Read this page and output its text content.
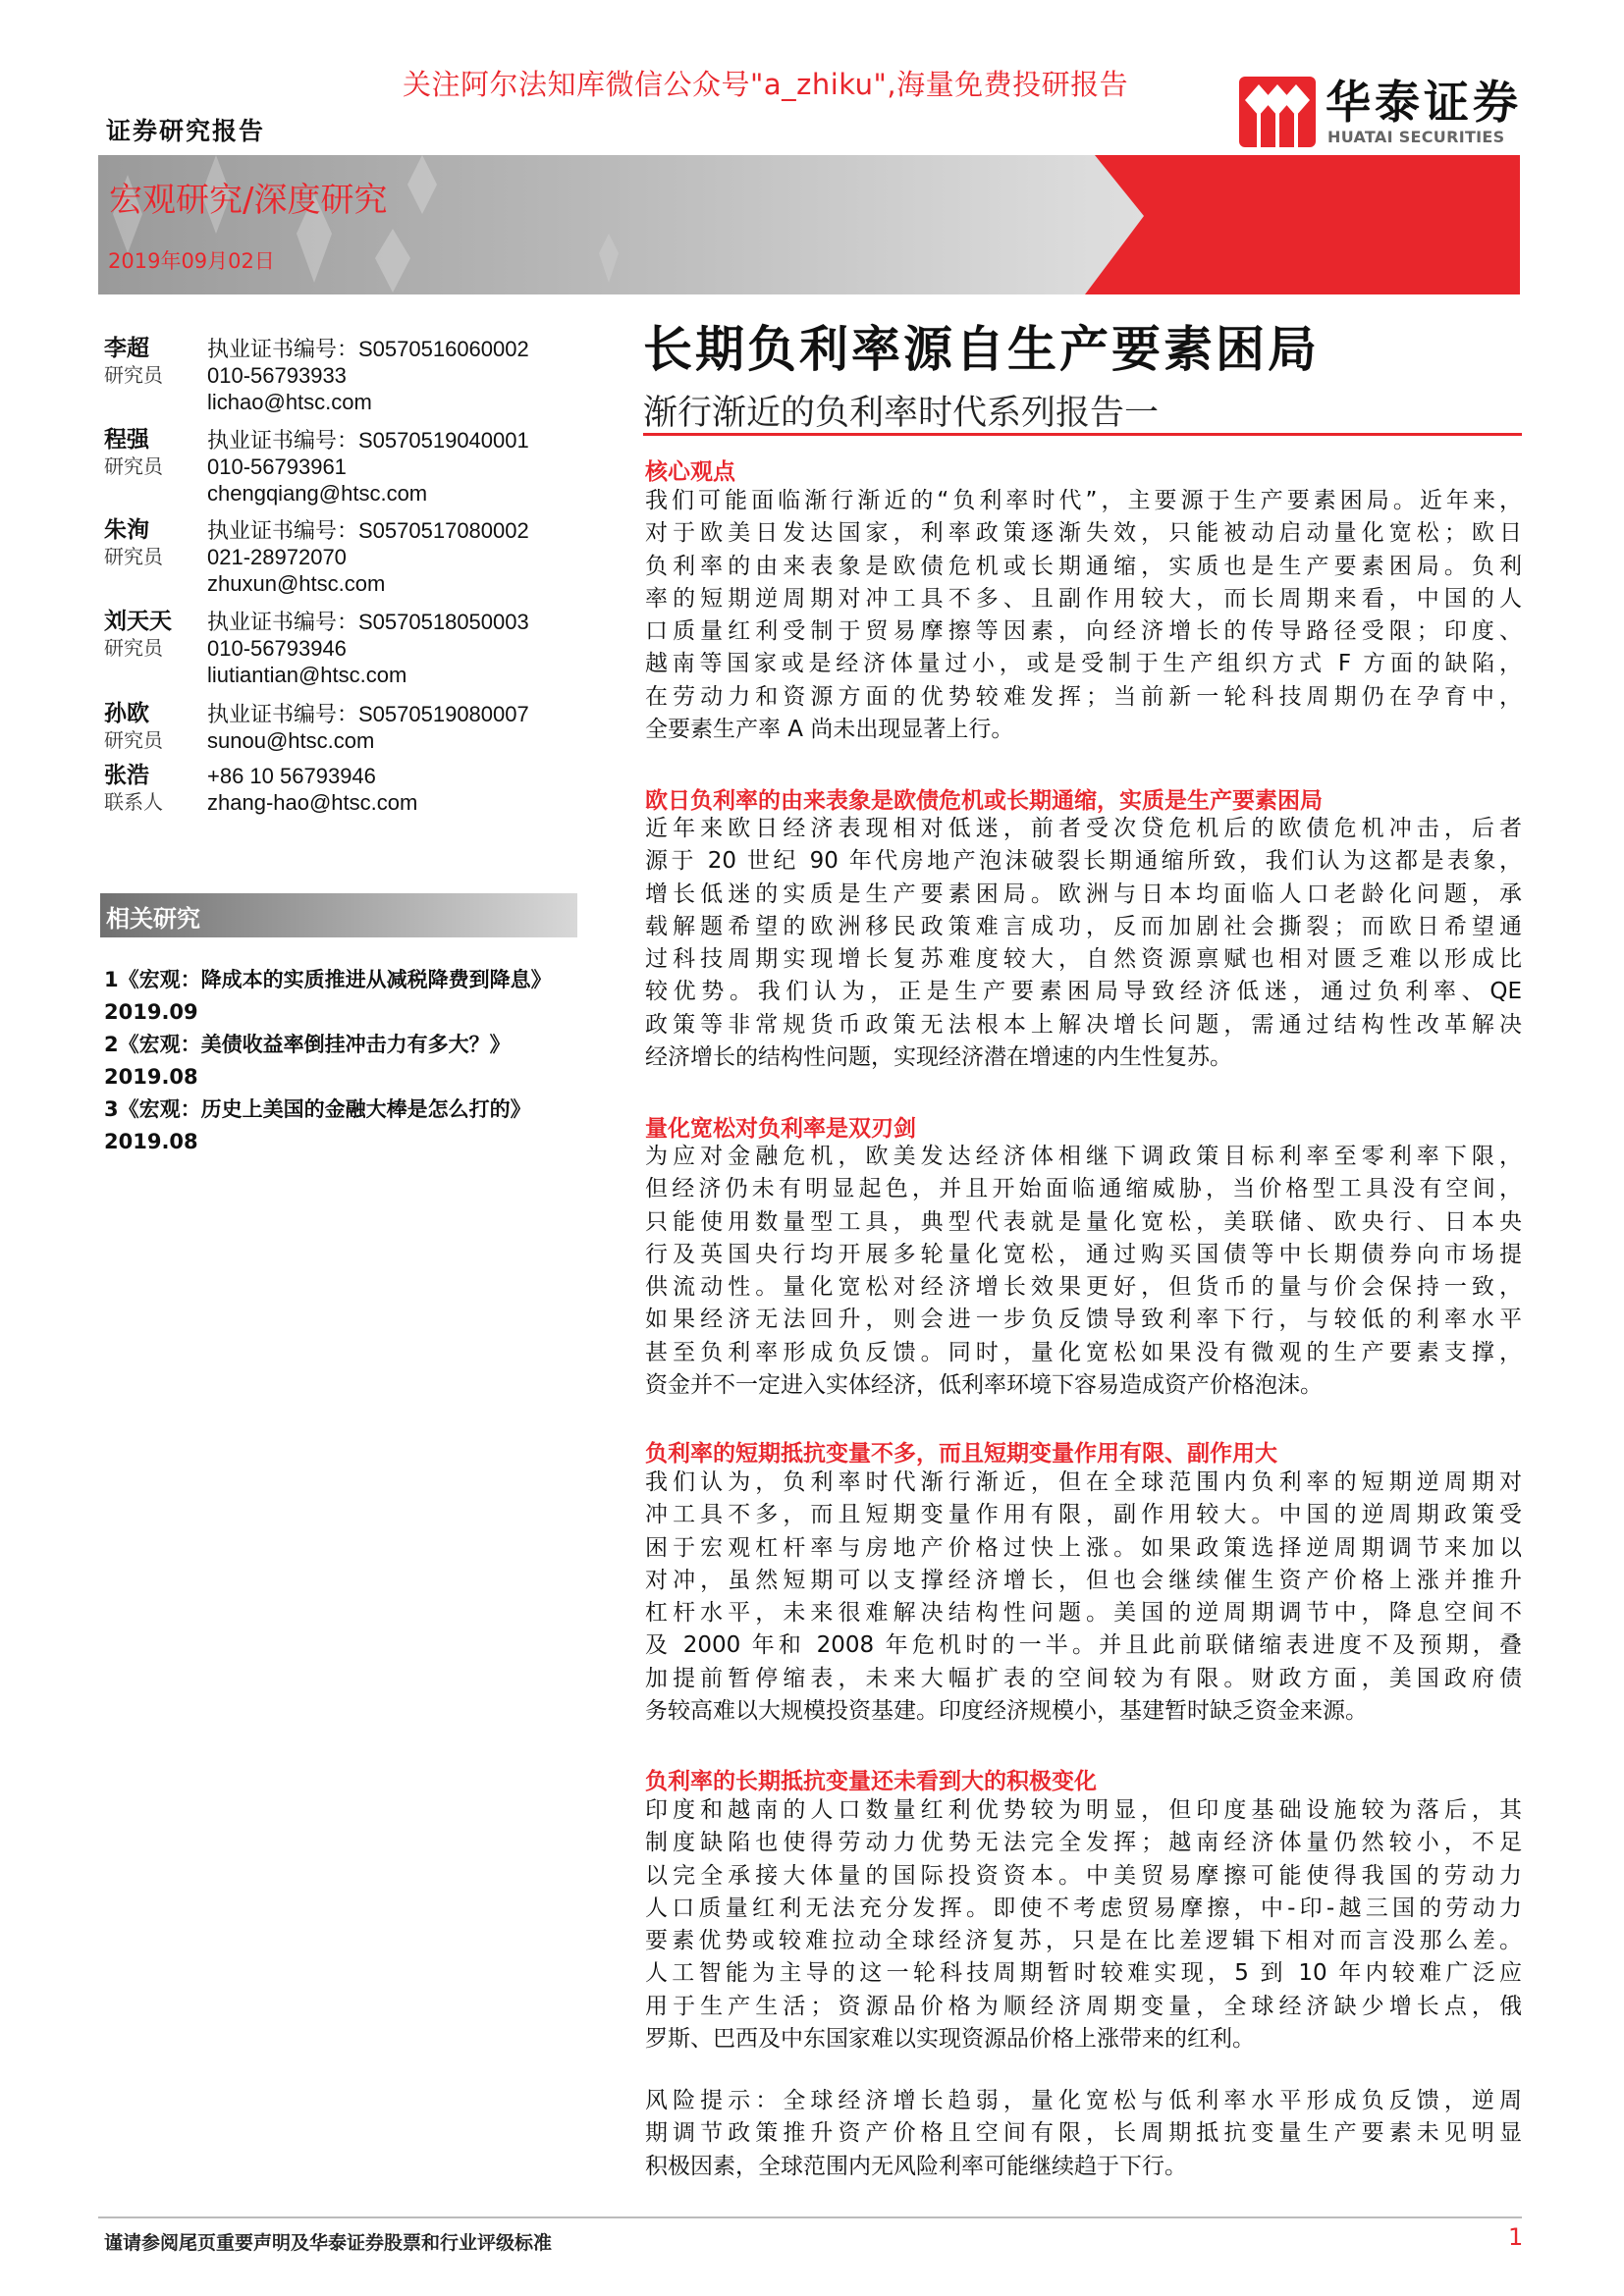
关注阿尔法知库微信公众号"a_zhiku",海量免费投研报告
证券研究报告
华泰证券
HUATAI SECURITIES
宏观研究/深度研究
2019年09月02日
长期负利率源自生产要素困局
渐行渐近的负利率时代系列报告一
李超	执业证书编号：S0570516060002
研究员 010-56793933
lichao@htsc.com
程强	执业证书编号：S0570519040001
研究员 010-56793961
chengqiang@htsc.com
朱洵	执业证书编号：S0570517080002
研究员 021-28972070
zhuxun@htsc.com
刘天天 执业证书编号：S0570518050003
研究员 010-56793946
liutiantian@htsc.com
孙欧	执业证书编号：S0570519080007
研究员 sunou@htsc.com
张浩	+86 10 56793946
联系人 zhang-hao@htsc.com
相关研究
1《宏观：降成本的实质推进从减税降费到降息》2019.09
2《宏观：美债收益率倒挂冲击力有多大？》2019.08
3《宏观：历史上美国的金融大棒是怎么打的》2019.08
核心观点
我们可能面临渐行渐近的“负利率时代”，主要源于生产要素困局。近年来，
对于欧美日发达国家，利率政策逐渐失效，只能被动启动量化宽松；欧日
负利率的由来表象是欧债危机或长期通缩，实质也是生产要素困局。负利
率的短期逆周期对冲工具不多、且副作用较大，而长周期来看，中国的人
口质量红利受制于贸易摩擦等因素，向经济增长的传导路径受限；印度、
越南等国家或是经济体量过小，或是受制于生产组织方式 F 方面的缺陷，
在劳动力和资源方面的优势较难发挥；当前新一轮科技周期仍在孕育中，
全要素生产率 A 尚未出现显著上行。
欧日负利率的由来表象是欧债危机或长期通缩，实质是生产要素困局
近年来欧日经济表现相对低迷，前者受次贷危机后的欧债危机冲击，后者
源于 20 世纪 90 年代房地产泡沫破裂长期通缩所致，我们认为这都是表象，
增长低迷的实质是生产要素困局。欧洲与日本均面临人口老龄化问题，承
载解题希望的欧洲移民政策难言成功，反而加剧社会撕裂；而欧日希望通
过科技周期实现增长复苏难度较大，自然资源禀赋也相对匮乏难以形成比
较优势。我们认为，正是生产要素困局导致经济低迷，通过负利率、QE
政策等非常规货币政策无法根本上解决增长问题，需通过结构性改革解决
经济增长的结构性问题，实现经济潜在增速的内生性复苏。
量化宽松对负利率是双刃剑
为应对金融危机，欧美发达经济体相继下调政策目标利率至零利率下限，
但经济仍未有明显起色，并且开始面临通缩威胁，当价格型工具没有空间，
只能使用数量型工具，典型代表就是量化宽松，美联储、欧央行、日本央
行及英国央行均开展多轮量化宽松，通过购买国债等中长期债券向市场提
供流动性。量化宽松对经济增长效果更好，但货币的量与价会保持一致，
如果经济无法回升，则会进一步负反馈导致利率下行，与较低的利率水平
甚至负利率形成负反馈。同时，量化宽松如果没有微观的生产要素支撑，
资金并不一定进入实体经济，低利率环境下容易造成资产价格泡沫。
负利率的短期抵抗变量不多，而且短期变量作用有限、副作用大
我们认为，负利率时代渐行渐近，但在全球范围内负利率的短期逆周期对
冲工具不多，而且短期变量作用有限，副作用较大。中国的逆周期政策受
困于宏观杠杆率与房地产价格过快上涨。如果政策选择逆周期调节来加以
对冲，虽然短期可以支撑经济增长，但也会继续催生资产价格上涨并推升
杠杆水平，未来很难解决结构性问题。美国的逆周期调节中，降息空间不
及 2000 年和 2008 年危机时的一半。并且此前联储缩表进度不及预期，叠
加提前暂停缩表，未来大幅扩表的空间较为有限。财政方面，美国政府债
务较高难以大规模投资基建。印度经济规模小，基建暂时缺乏资金来源。
负利率的长期抵抗变量还未看到大的积极变化
印度和越南的人口数量红利优势较为明显，但印度基础设施较为落后，其
制度缺陷也使得劳动力优势无法完全发挥；越南经济体量仍然较小，不足
以完全承接大体量的国际投资资本。中美贸易摩擦可能使得我国的劳动力
人口质量红利无法充分发挥。即使不考虑贸易摩擦，中-印-越三国的劳动力
要素优势或较难拉动全球经济复苏，只是在比差逻辑下相对而言没那么差。
人工智能为主导的这一轮科技周期暂时较难实现，5 到 10 年内较难广泛应
用于生产生活；资源品价格为顺经济周期变量，全球经济缺少增长点，俄
罗斯、巴西及中东国家难以实现资源品价格上涨带来的红利。
风险提示：全球经济增长趋弱，量化宽松与低利率水平形成负反馈，逆周
期调节政策推升资产价格且空间有限，长周期抵抗变量生产要素未见明显
积极因素，全球范围内无风险利率可能继续趋于下行。
谨请参阅尾页重要声明及华泰证券股票和行业评级标准	1
